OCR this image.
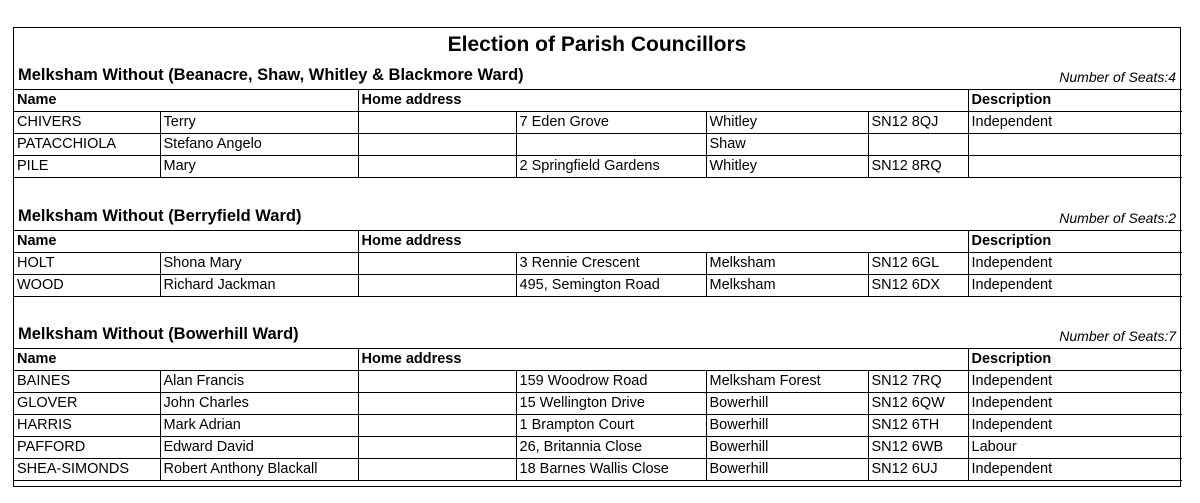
Election of Parish Councillors
Melksham Without (Beanacre, Shaw, Whitley & Blackmore Ward)	Number of Seats:4
Name		Home address				Description
CHIVERS	Terry		7 Eden Grove	Whitley	SN12 8QJ	Independent
PATACCHIOLA	Stefano Angelo			Shaw		
PILE	Mary		2 Springfield Gardens	Whitley	SN12 8RQ	
Melksham Without (Berryfield Ward)	Number of Seats:2
Name		Home address				Description
HOLT	Shona Mary		3 Rennie Crescent	Melksham	SN12 6GL	Independent
WOOD	Richard Jackman		495, Semington Road	Melksham	SN12 6DX	Independent
Melksham Without (Bowerhill Ward)	Number of Seats:7
Name		Home address				Description
BAINES	Alan Francis		159 Woodrow Road	Melksham Forest	SN12 7RQ	Independent
GLOVER	John Charles		15 Wellington Drive	Bowerhill	SN12 6QW	Independent
HARRIS	Mark Adrian		1 Brampton Court	Bowerhill	SN12 6TH	Independent
PAFFORD	Edward David		26, Britannia Close	Bowerhill	SN12 6WB	Labour
SHEA-SIMONDS	Robert Anthony Blackall		18 Barnes Wallis Close	Bowerhill	SN12 6UJ	Independent
